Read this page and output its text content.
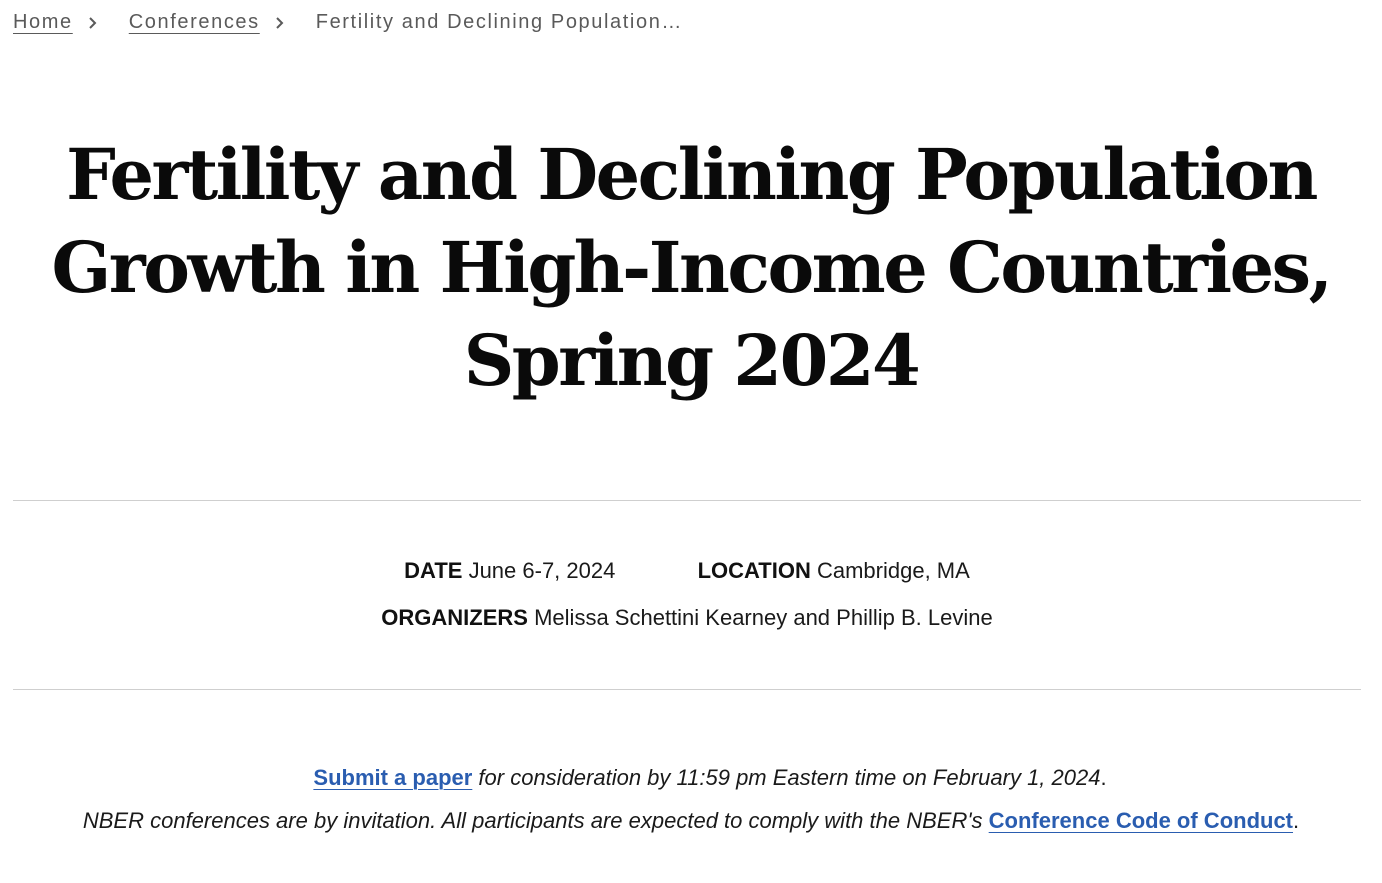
Home	Conferences	Fertility and Declining Population…
Fertility and Declining Population
Growth in High-Income Countries,
Spring 2024
DATE June 6-7, 2024	LOCATION Cambridge, MA
ORGANIZERS Melissa Schettini Kearney and Phillip B. Levine

Submit a paper for consideration by 11:59 pm Eastern time on February 1, 2024.

NBER conferences are by invitation. All participants are expected to comply with the NBER's Conference Code of Conduct.
